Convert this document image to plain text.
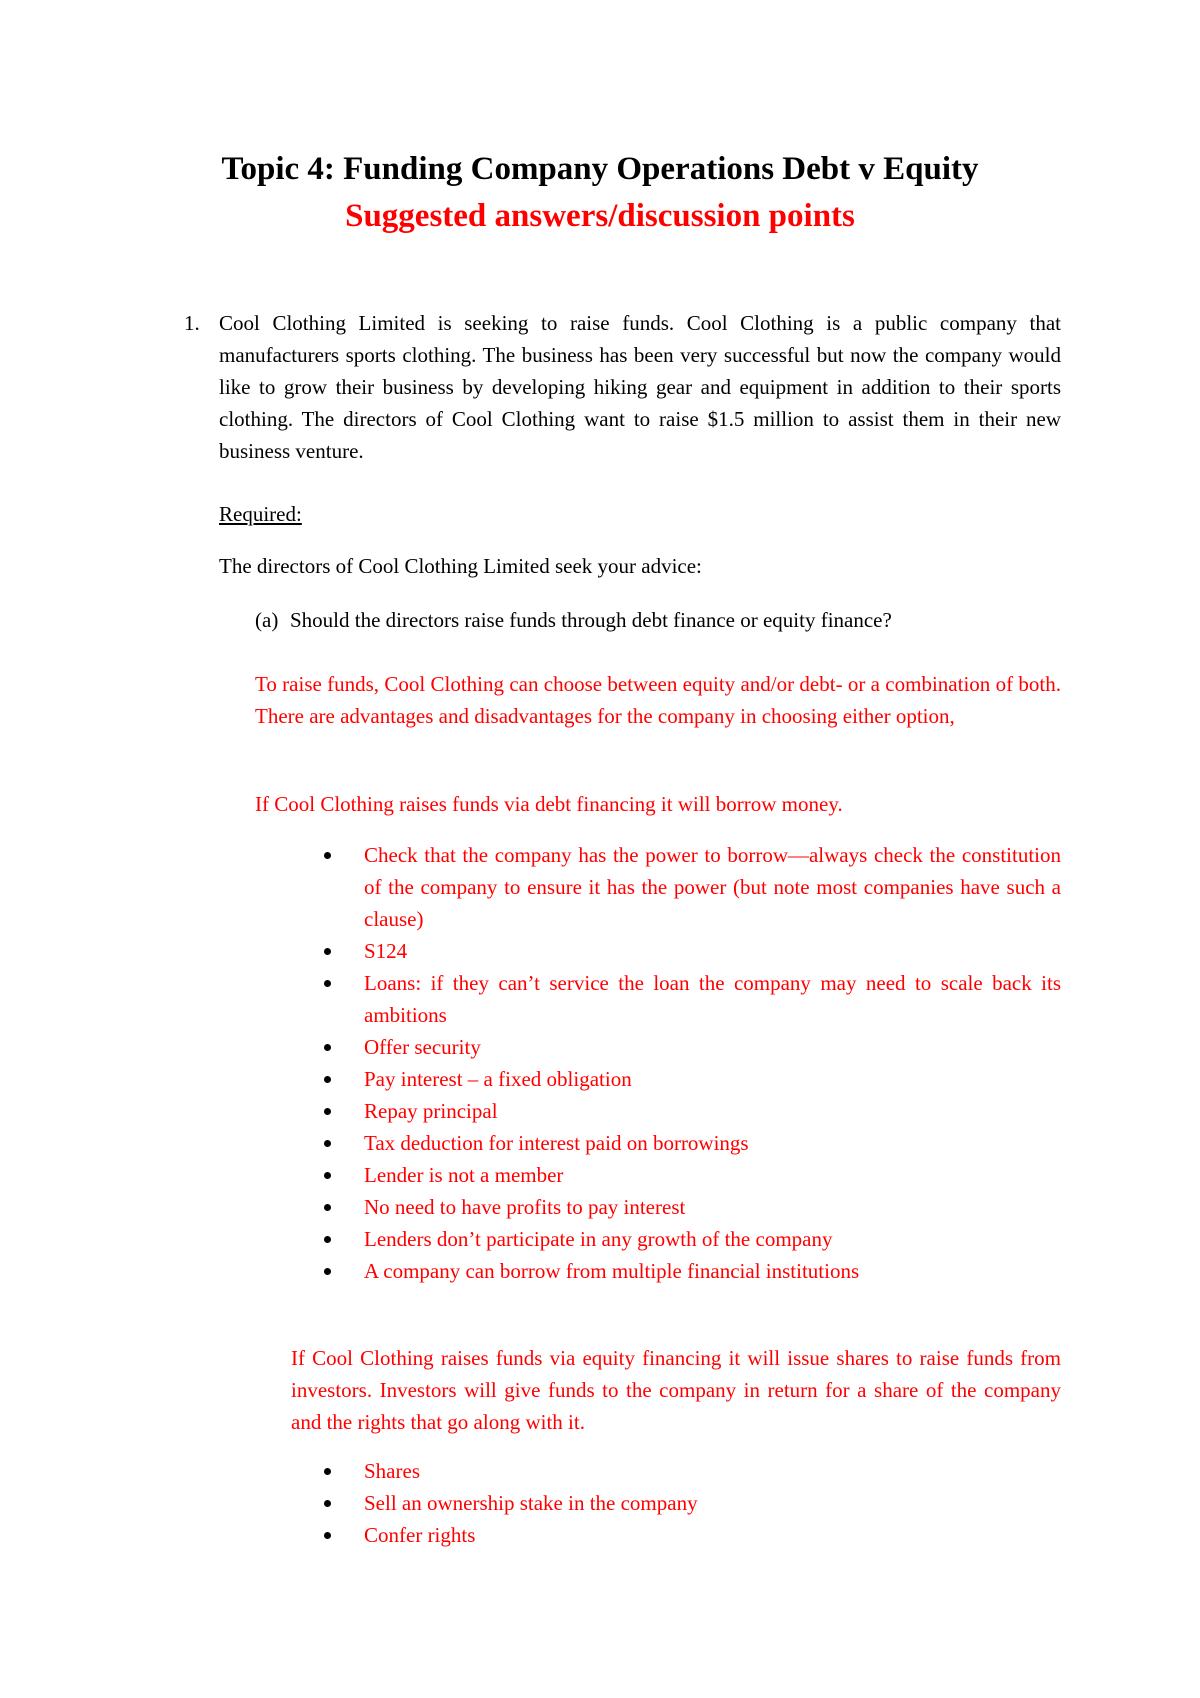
Topic 4: Funding Company Operations Debt v Equity
Suggested answers/discussion points
1. Cool Clothing Limited is seeking to raise funds. Cool Clothing is a public company that manufacturers sports clothing. The business has been very successful but now the company would like to grow their business by developing hiking gear and equipment in addition to their sports clothing. The directors of Cool Clothing want to raise $1.5 million to assist them in their new business venture.

Required:

The directors of Cool Clothing Limited seek your advice:

(a) Should the directors raise funds through debt finance or equity finance?

To raise funds, Cool Clothing can choose between equity and/or debt- or a combination of both. There are advantages and disadvantages for the company in choosing either option,

If Cool Clothing raises funds via debt financing it will borrow money.

Check that the company has the power to borrow—always check the constitution of the company to ensure it has the power (but note most companies have such a clause)
S124
Loans: if they can’t service the loan the company may need to scale back its ambitions
Offer security
Pay interest – a fixed obligation
Repay principal
Tax deduction for interest paid on borrowings
Lender is not a member
No need to have profits to pay interest
Lenders don’t participate in any growth of the company
A company can borrow from multiple financial institutions

If Cool Clothing raises funds via equity financing it will issue shares to raise funds from investors. Investors will give funds to the company in return for a share of the company and the rights that go along with it.

Shares
Sell an ownership stake in the company
Confer rights
